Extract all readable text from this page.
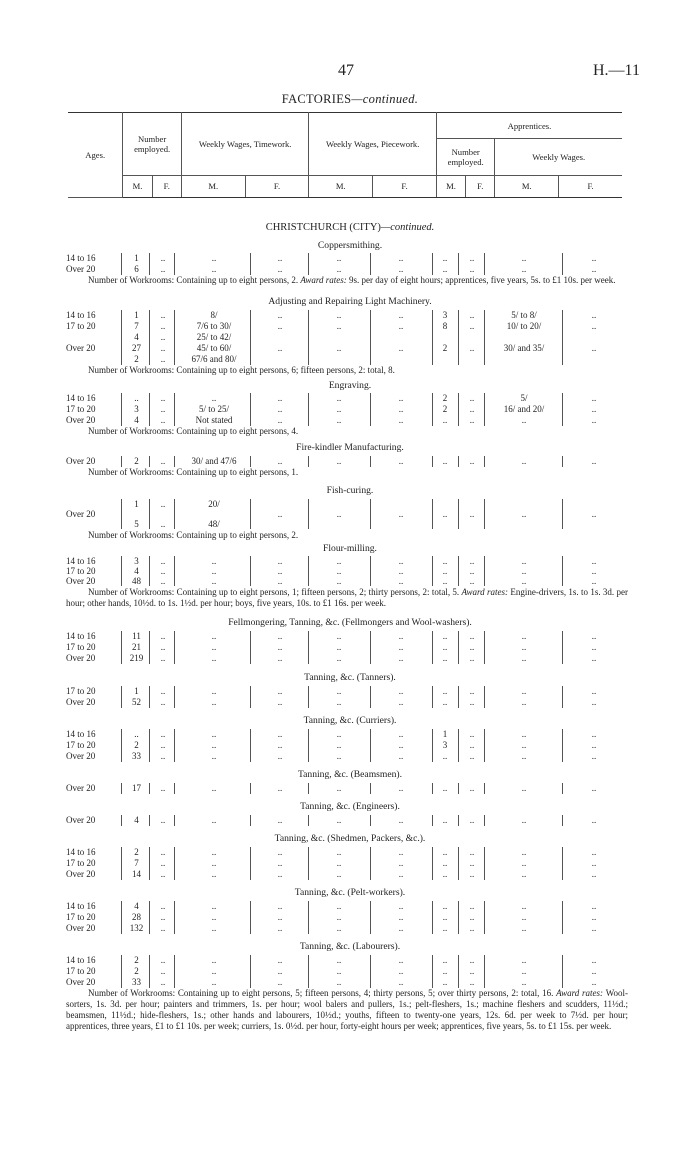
47	H.—11
FACTORIES—continued.
Ages.	Number employed.		Weekly Wages, Timework.		Weekly Wages, Piecework.		Apprentices.			
							Number employed.		Weekly Wages.	
	M.	F.	M.	F.	M.	F.	M.	F.	M.	F.
CHRISTCHURCH (CITY)—continued.
Coppersmithing.
14 to 16	1	..	..	..	..	..	..	..	..	..
Over 20	6	..	..	..	..	..	..	..	..	..
Number of Workrooms: Containing up to eight persons, 2. Award rates: 9s. per day of eight hours; apprentices, five years, 5s. to £1 10s. per week.
Adjusting and Repairing Light Machinery.
14 to 16	1	..	8/	..	..	..	3	..	5/ to 8/	..
17 to 20	7	..	7/6 to 30/	..	..	..	8	..	10/ to 20/	..
4	..	25/ to 42/
Over 20	27	..	45/ to 60/	..	..	..	2	..	30/ and 35/	..
2	..	67/6 and 80/
Number of Workrooms: Containing up to eight persons, 6; fifteen persons, 2: total, 8.
Engraving.
14 to 16	..	..	..	..	..	..	2	..	5/	..
17 to 20	3	..	5/ to 25/	..	..	..	2	..	16/ and 20/	..
Over 20	4	..	Not stated	..	..	..	..	..	..	..
Number of Workrooms: Containing up to eight persons, 4.
Fire-kindler Manufacturing.
Over 20	2	..	30/ and 47/6	..	..	..	..	..	..	..
Number of Workrooms: Containing up to eight persons, 1.
Fish-curing.
1	..	20/
Over 20	..	..	..	..	..	..	..
5	..	48/
Number of Workrooms: Containing up to eight persons, 2.
Flour-milling.
14 to 16	3	..	..	..	..	..	..	..	..	..
17 to 20	4	..	..	..	..	..	..	..	..	..
Over 20	48	..	..	..	..	..	..	..	..	..
Number of Workrooms: Containing up to eight persons, 1; fifteen persons, 2; thirty persons, 2: total, 5. Award rates: Engine-drivers, 1s. to 1s. 3d. per hour; other hands, 10½d. to 1s. 1½d. per hour; boys, five years, 10s. to £1 16s. per week.
Fellmongering, Tanning, &c. (Fellmongers and Wool-washers).
14 to 16	11	..	..	..	..	..	..	..	..	..
17 to 20	21	..	..	..	..	..	..	..	..	..
Over 20	219	..	..	..	..	..	..	..	..	..
Tanning, &c. (Tanners).
17 to 20	1	..	..	..	..	..	..	..	..	..
Over 20	52	..	..	..	..	..	..	..	..	..
Tanning, &c. (Curriers).
14 to 16	..	..	..	..	..	..	1	..	..	..
17 to 20	2	..	..	..	..	..	3	..	..	..
Over 20	33	..	..	..	..	..	..	..	..	..
Tanning, &c. (Beamsmen).
Over 20	17	..	..	..	..	..	..	..	..	..
Tanning, &c. (Engineers).
Over 20	4	..	..	..	..	..	..	..	..	..
Tanning, &c. (Shedmen, Packers, &c.).
14 to 16	2	..	..	..	..	..	..	..	..	..
17 to 20	7	..	..	..	..	..	..	..	..	..
Over 20	14	..	..	..	..	..	..	..	..	..
Tanning, &c. (Pelt-workers).
14 to 16	4	..	..	..	..	..	..	..	..	..
17 to 20	28	..	..	..	..	..	..	..	..	..
Over 20	132	..	..	..	..	..	..	..	..	..
Tanning, &c. (Labourers).
14 to 16	2	..	..	..	..	..	..	..	..	..
17 to 20	2	..	..	..	..	..	..	..	..	..
Over 20	33	..	..	..	..	..	..	..	..	..
Number of Workrooms: Containing up to eight persons, 5; fifteen persons, 4; thirty persons, 5; over thirty persons, 2: total, 16. Award rates: Wool-sorters, 1s. 3d. per hour; painters and trimmers, 1s. per hour; wool balers and pullers, 1s.; pelt-fleshers, 1s.; machine fleshers and scudders, 11½d.; beamsmen, 11½d.; hide-fleshers, 1s.; other hands and labourers, 10½d.; youths, fifteen to twenty-one years, 12s. 6d. per week to 7½d. per hour; apprentices, three years, £1 to £1 10s. per week; curriers, 1s. 0½d. per hour, forty-eight hours per week; apprentices, five years, 5s. to £1 15s. per week.
